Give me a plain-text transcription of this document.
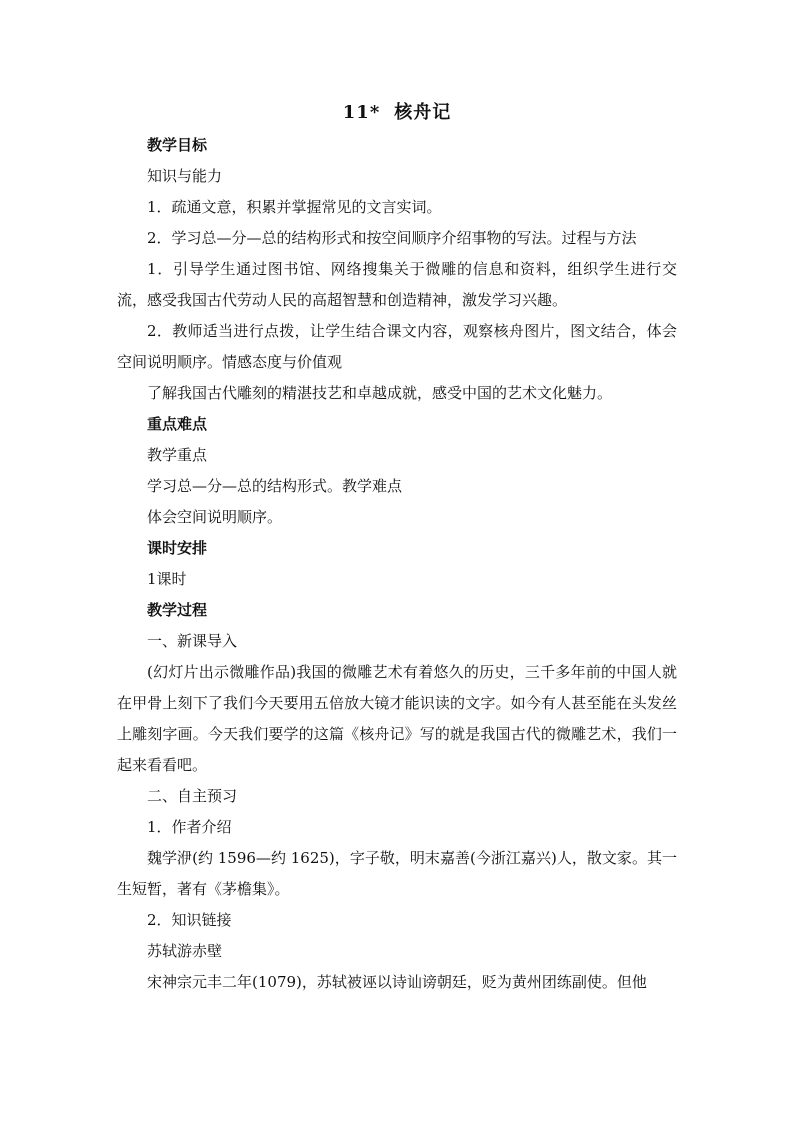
11* 核舟记

教学目标

知识与能力

1．疏通文意，积累并掌握常见的文言实词。

2．学习总—分—总的结构形式和按空间顺序介绍事物的写法。过程与方法

1．引导学生通过图书馆、网络搜集关于微雕的信息和资料，组织学生进行交流，感受我国古代劳动人民的高超智慧和创造精神，激发学习兴趣。

2．教师适当进行点拨，让学生结合课文内容，观察核舟图片，图文结合，体会空间说明顺序。情感态度与价值观

了解我国古代雕刻的精湛技艺和卓越成就，感受中国的艺术文化魅力。

重点难点

教学重点

学习总—分—总的结构形式。教学难点

体会空间说明顺序。

课时安排

1课时

教学过程

一、新课导入

(幻灯片出示微雕作品)我国的微雕艺术有着悠久的历史，三千多年前的中国人就在甲骨上刻下了我们今天要用五倍放大镜才能识读的文字。如今有人甚至能在头发丝上雕刻字画。今天我们要学的这篇《核舟记》写的就是我国古代的微雕艺术，我们一起来看看吧。

二、自主预习

1．作者介绍

魏学洢(约 1596—约 1625)，字子敬，明末嘉善(今浙江嘉兴)人，散文家。其一生短暂，著有《茅檐集》。

2．知识链接

苏轼游赤壁

宋神宗元丰二年(1079)，苏轼被诬以诗讪谤朝廷，贬为黄州团练副使。但他
